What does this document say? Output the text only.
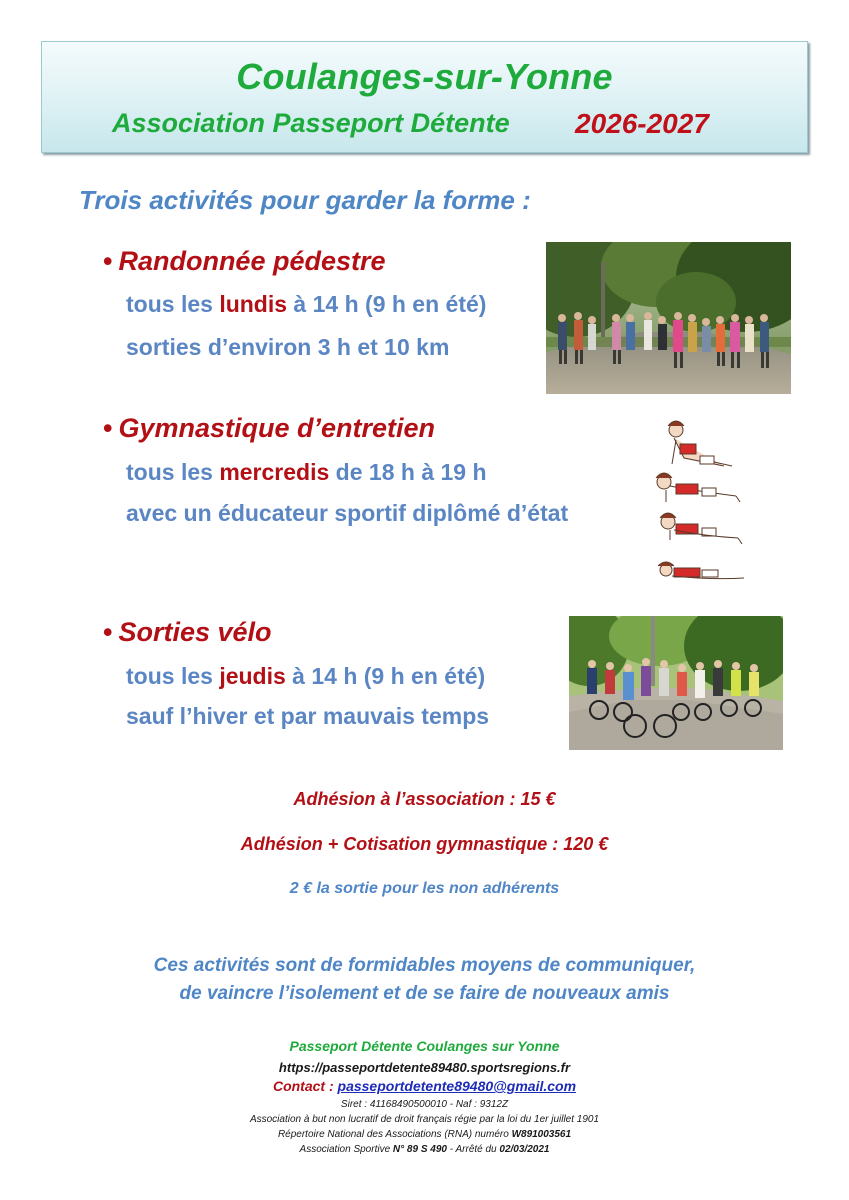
Coulanges-sur-Yonne
Association Passeport Détente 2026-2027
Trois activités pour garder la forme :
• Randonnée pédestre
tous les lundis à 14 h (9 h en été)
sorties d’environ 3 h et 10 km
• Gymnastique d’entretien
tous les mercredis de 18 h à 19 h
avec un éducateur sportif diplômé d’état
• Sorties vélo
tous les jeudis à 14 h (9 h en été)
sauf l’hiver et par mauvais temps
Adhésion à l’association : 15 €
Adhésion + Cotisation gymnastique : 120 €
2 € la sortie pour les non adhérents
Ces activités sont de formidables moyens de communiquer,
de vaincre l’isolement et de se faire de nouveaux amis
Passeport Détente Coulanges sur Yonne
https://passeportdetente89480.sportsregions.fr
Contact : passeportdetente89480@gmail.com
Siret : 41168490500010 - Naf : 9312Z
Association à but non lucratif de droit français régie par la loi du 1er juillet 1901
Répertoire National des Associations (RNA) numéro W891003561
Association Sportive N° 89 S 490 - Arrêté du 02/03/2021
